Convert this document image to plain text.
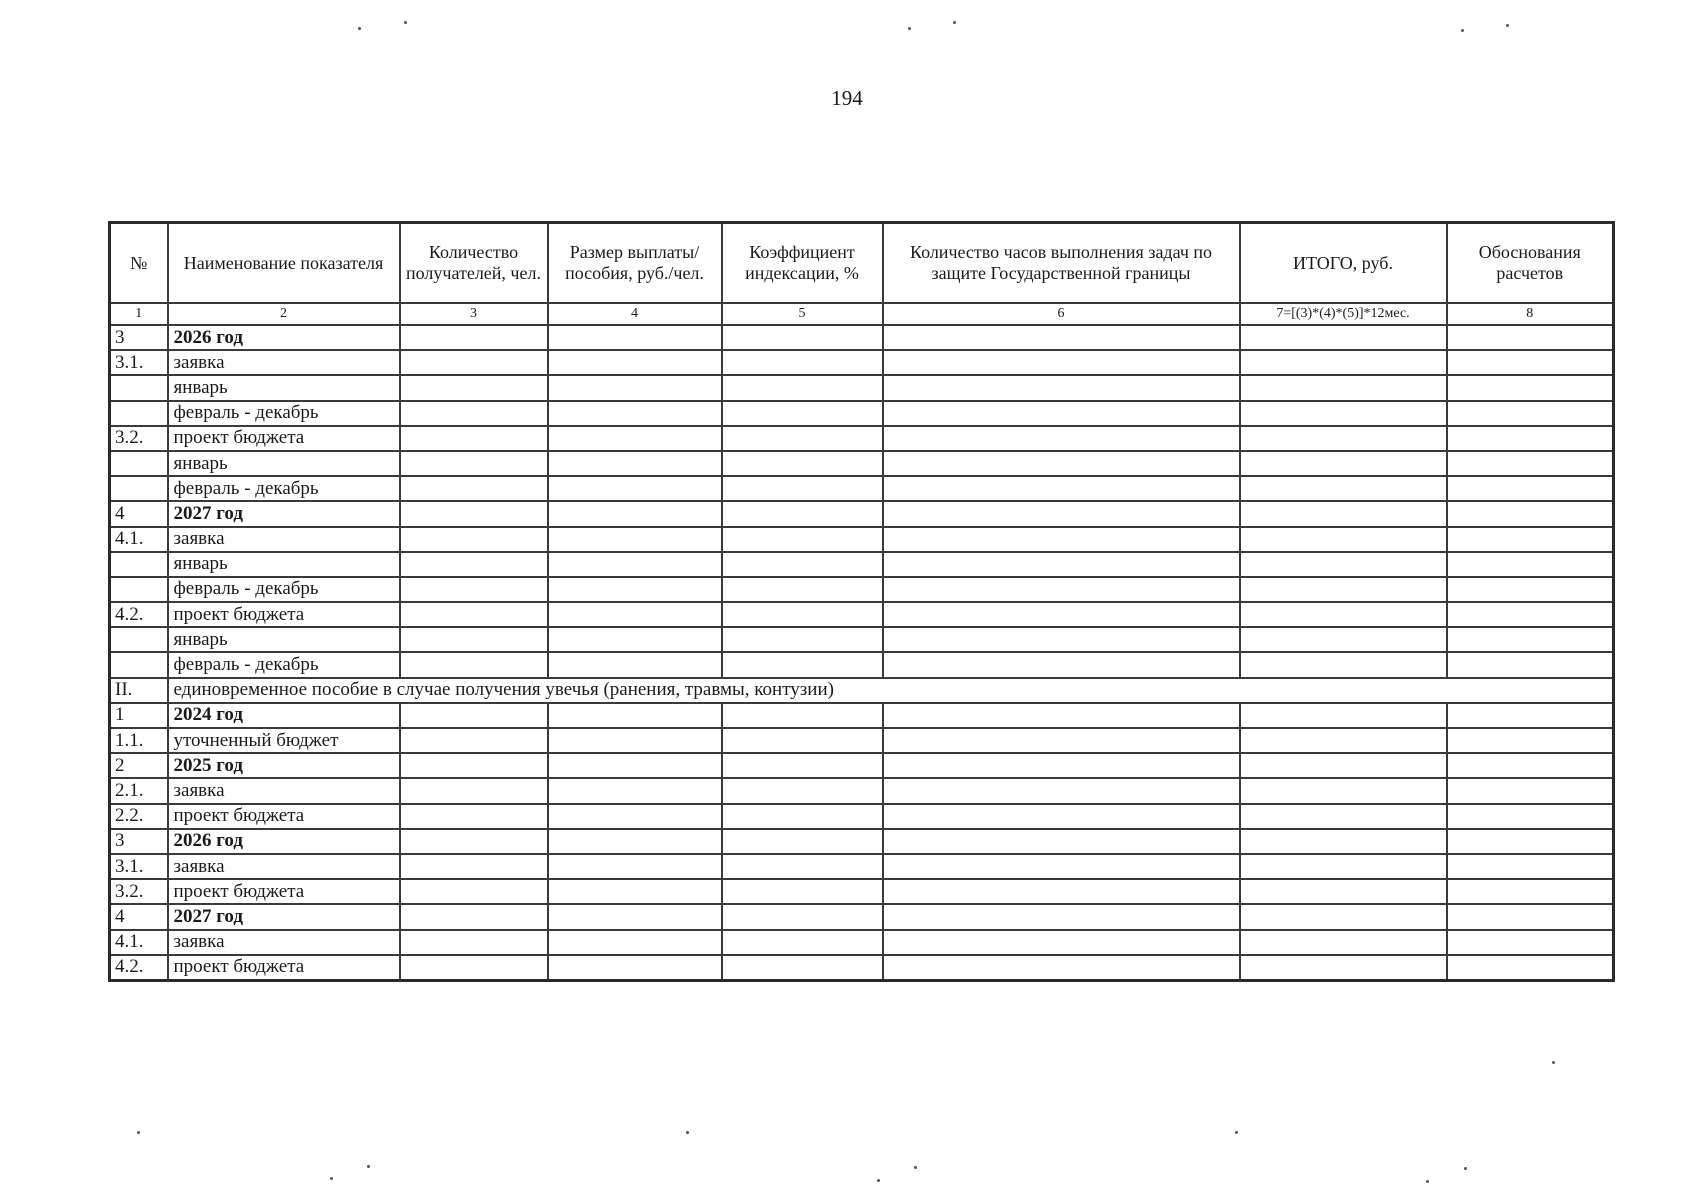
194
№	Наименование показателя	Количество получателей, чел.	Размер выплаты/пособия, руб./чел.	Коэффициент индексации, %	Количество часов выполнения задач по защите Государственной границы	ИТОГО, руб.	Обоснования расчетов
1	2	3	4	5	6	7=[(3)*(4)*(5)]*12мес.	8
3	2026 год						
3.1.	заявка						
	январь						
	февраль - декабрь						
3.2.	проект бюджета						
	январь						
	февраль - декабрь						
4	2027 год						
4.1.	заявка						
	январь						
	февраль - декабрь						
4.2.	проект бюджета						
	январь						
	февраль - декабрь						
II.	единовременное пособие в случае получения увечья (ранения, травмы, контузии)						
1	2024 год						
1.1.	уточненный бюджет						
2	2025 год						
2.1.	заявка						
2.2.	проект бюджета						
3	2026 год						
3.1.	заявка						
3.2.	проект бюджета						
4	2027 год						
4.1.	заявка						
4.2.	проект бюджета						
